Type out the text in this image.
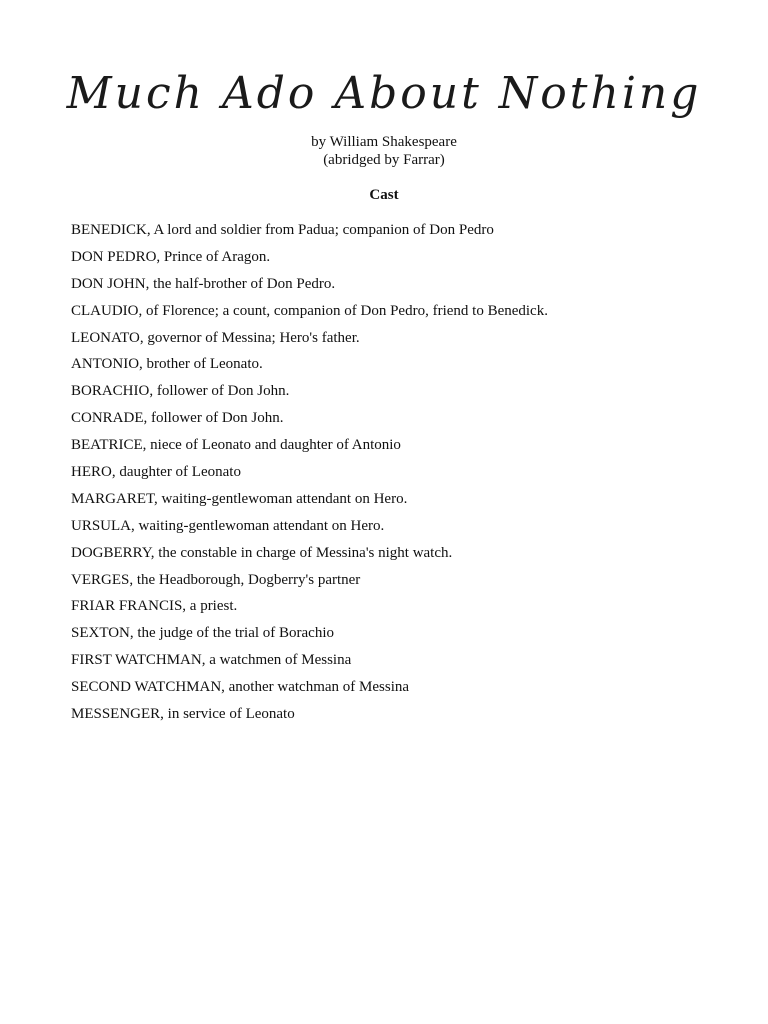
Much Ado About Nothing
by William Shakespeare
(abridged by Farrar)
Cast
BENEDICK, A lord and soldier from Padua; companion of Don Pedro
DON PEDRO, Prince of Aragon.
DON JOHN, the half-brother of Don Pedro.
CLAUDIO, of Florence; a count, companion of Don Pedro, friend to Benedick.
LEONATO, governor of Messina; Hero's father.
ANTONIO, brother of Leonato.
BORACHIO, follower of Don John.
CONRADE, follower of Don John.
BEATRICE, niece of Leonato and daughter of Antonio
HERO, daughter of Leonato
MARGARET, waiting-gentlewoman attendant on Hero.
URSULA, waiting-gentlewoman attendant on Hero.
DOGBERRY, the constable in charge of Messina's night watch.
VERGES, the Headborough, Dogberry's partner
FRIAR FRANCIS, a priest.
SEXTON, the judge of the trial of Borachio
FIRST WATCHMAN, a watchmen of Messina
SECOND WATCHMAN, another watchman of Messina
MESSENGER, in service of Leonato
